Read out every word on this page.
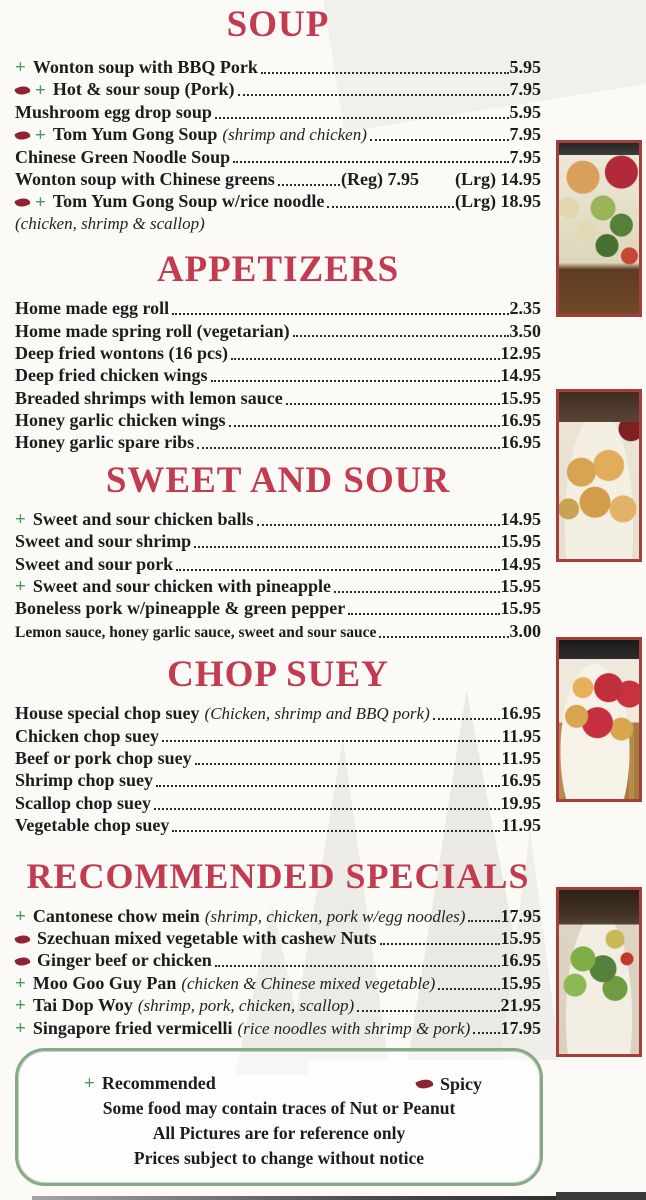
SOUP
+ Wonton soup with BBQ Pork	5.95
+ Hot & sour soup (Pork)	7.95
Mushroom egg drop soup	5.95
+ Tom Yum Gong Soup (shrimp and chicken)	7.95
Chinese Green Noodle Soup	7.95
Wonton soup with Chinese greens	(Reg) 7.95 (Lrg) 14.95
+ Tom Yum Gong Soup w/rice noodle	(Lrg) 18.95
(chicken, shrimp & scallop)
APPETIZERS
Home made egg roll	2.35
Home made spring roll (vegetarian)	3.50
Deep fried wontons (16 pcs)	12.95
Deep fried chicken wings	14.95
Breaded shrimps with lemon sauce	15.95
Honey garlic chicken wings	16.95
Honey garlic spare ribs	16.95
SWEET AND SOUR
+ Sweet and sour chicken balls	14.95
Sweet and sour shrimp	15.95
Sweet and sour pork	14.95
+ Sweet and sour chicken with pineapple	15.95
Boneless pork w/pineapple & green pepper	15.95
Lemon sauce, honey garlic sauce, sweet and sour sauce	3.00
CHOP SUEY
House special chop suey (Chicken, shrimp and BBQ pork)	16.95
Chicken chop suey	11.95
Beef or pork chop suey	11.95
Shrimp chop suey	16.95
Scallop chop suey	19.95
Vegetable chop suey	11.95
RECOMMENDED SPECIALS
+ Cantonese chow mein (shrimp, chicken, pork w/egg noodles) 17.95
Szechuan mixed vegetable with cashew Nuts	15.95
Ginger beef or chicken	16.95
+ Moo Goo Guy Pan (chicken & Chinese mixed vegetable)	15.95
+ Tai Dop Woy (shrimp, pork, chicken, scallop)	21.95
+ Singapore fried vermicelli (rice noodles with shrimp & pork) 17.95
+ Recommended	Spicy
Some food may contain traces of Nut or Peanut
All Pictures are for reference only
Prices subject to change without notice
